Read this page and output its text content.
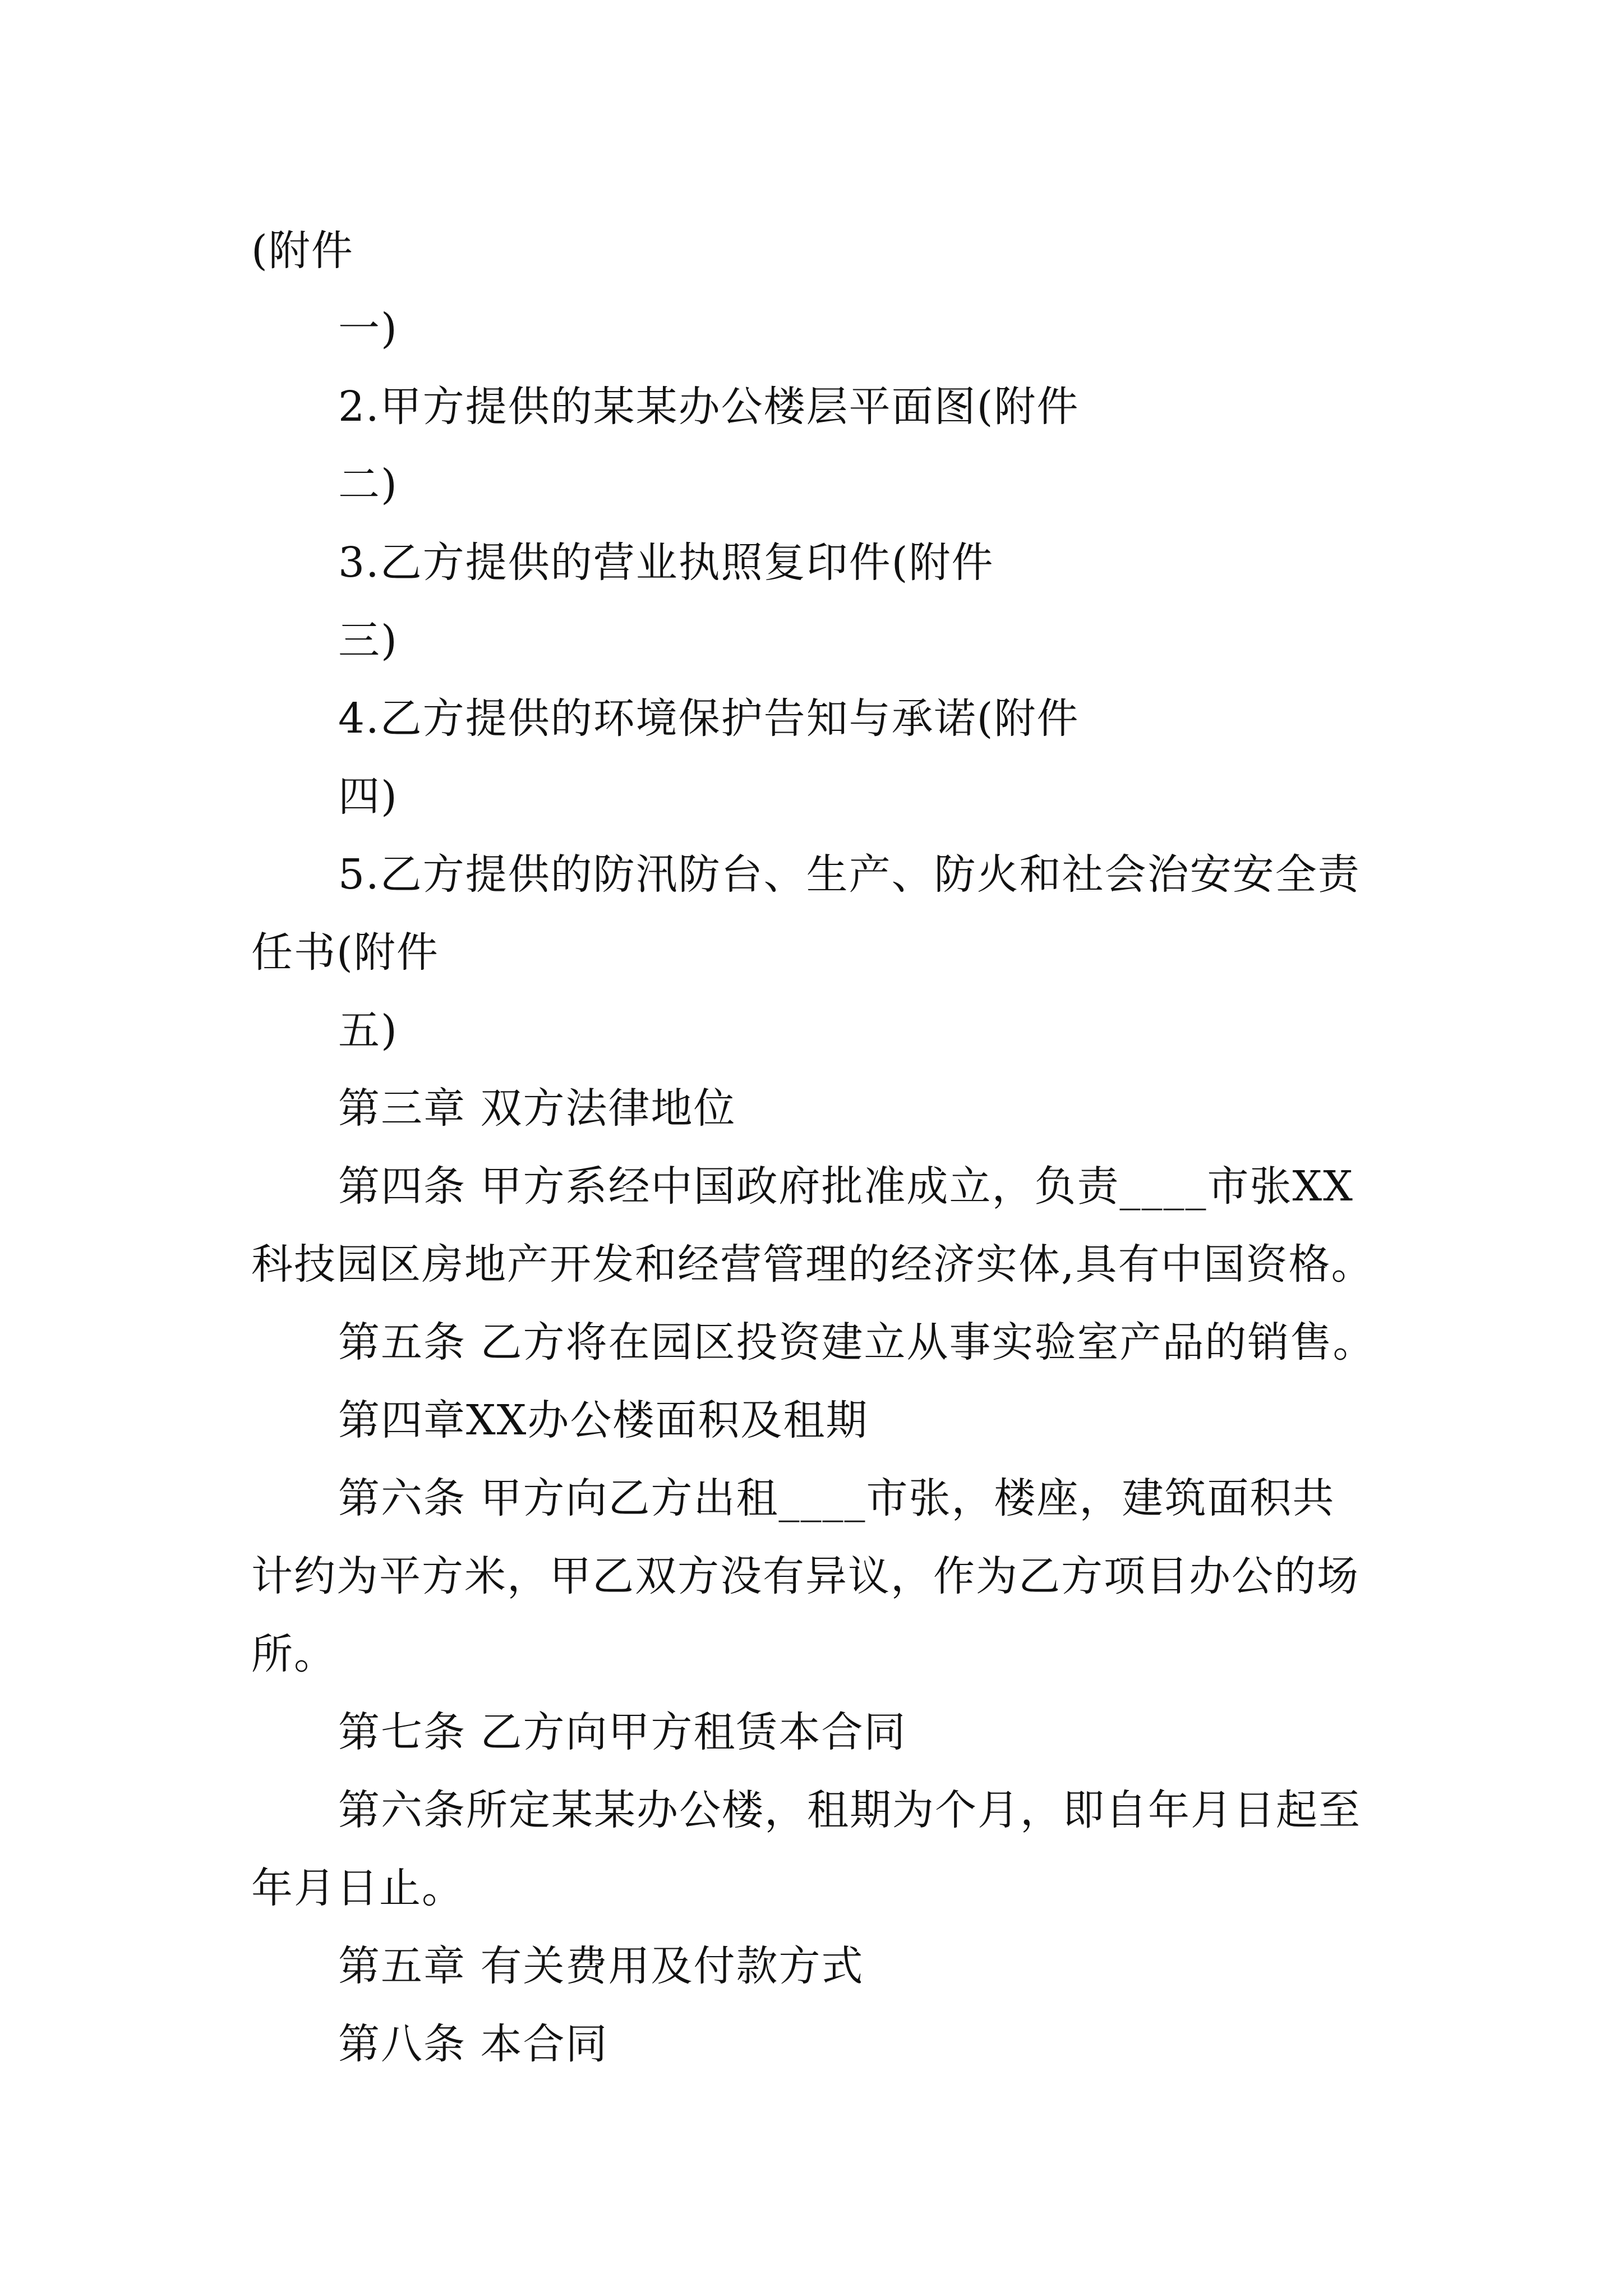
(附件
一)
2.甲方提供的某某办公楼层平面图(附件
二)
3.乙方提供的营业执照复印件(附件
三)
4.乙方提供的环境保护告知与承诺(附件
四)
5.乙方提供的防汛防台、生产、防火和社会治安安全责
任书(附件
五)
第三章 双方法律地位
第四条 甲方系经中国政府批准成立，负责____市张XX
科技园区房地产开发和经营管理的经济实体,具有中国资格。
第五条 乙方将在园区投资建立从事实验室产品的销售。
第四章XX办公楼面积及租期
第六条 甲方向乙方出租____市张，楼座，建筑面积共
计约为平方米，甲乙双方没有异议，作为乙方项目办公的场
所。
第七条 乙方向甲方租赁本合同
第六条所定某某办公楼，租期为个月，即自年月日起至
年月日止。
第五章 有关费用及付款方式
第八条 本合同
